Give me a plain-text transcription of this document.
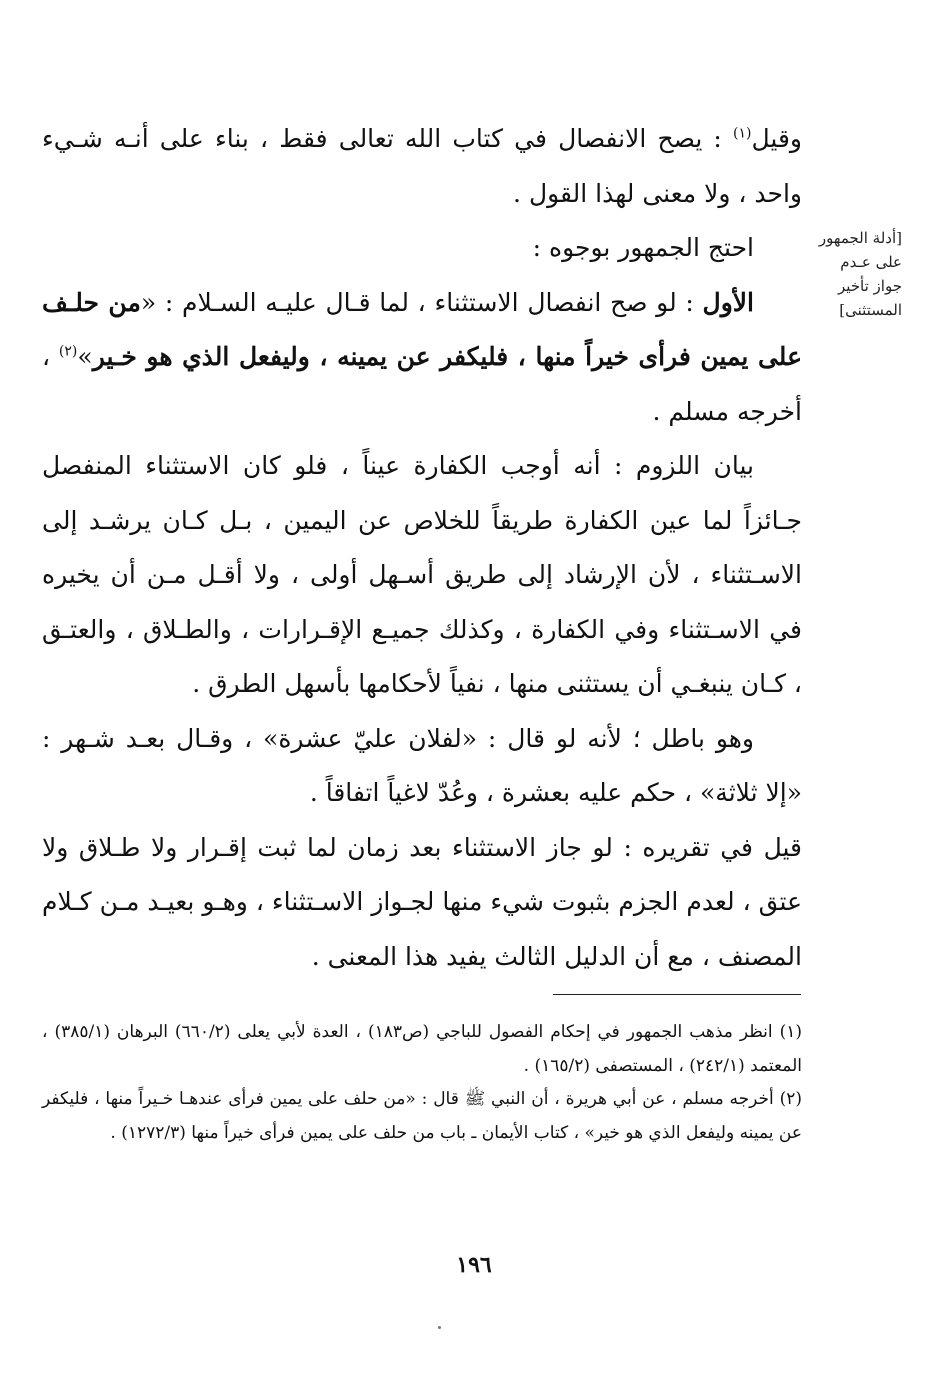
[أدلة الجمهور
على عـدم
جواز تأخير
المستثنى]

وقيل$^{(١)}$ : يصح الانفصال في كتاب الله تعالى فقط ، بناء على أنـه شـيء واحد ، ولا معنى لهذا القول .

احتج الجمهور بوجوه :

الأول : لو صح انفصال الاستثناء ، لما قـال عليـه السـلام : «من حلـف على يمين فرأى خيراً منها ، فليكفر عن يمينه ، وليفعل الذي هو خـير»$^{(٢)}$ ، أخرجه مسلم .

بيان اللزوم : أنه أوجب الكفارة عيناً ، فلو كان الاستثناء المنفصل جـائزاً لما عين الكفارة طريقاً للخلاص عن اليمين ، بـل كـان يرشـد إلى الاسـتثناء ، لأن الإرشاد إلى طريق أسـهل أولى ، ولا أقـل مـن أن يخيره في الاسـتثناء وفي الكفارة ، وكذلك جميـع الإقـرارات ، والطـلاق ، والعتـق ، كـان ينبغـي أن يستثنى منها ، نفياً لأحكامها بأسهل الطرق .

وهو باطل ؛ لأنه لو قال : «لفلان عليّ عشرة» ، وقـال بعـد شـهر : «إلا ثلاثة» ، حكم عليه بعشرة ، وعُدّ لاغياً اتفاقاً .

قيل في تقريره : لو جاز الاستثناء بعد زمان لما ثبت إقـرار ولا طـلاق ولا عتق ، لعدم الجزم بثبوت شيء منها لجـواز الاسـتثناء ، وهـو بعيـد مـن كـلام المصنف ، مع أن الدليل الثالث يفيد هذا المعنى .

(١) انظر مذهب الجمهور في إحكام الفصول للباجي (ص١٨٣) ، العدة لأبي يعلى (٦٦٠/٢) البرهان (٣٨٥/١) ، المعتمد (٢٤٢/١) ، المستصفى (١٦٥/٢) .

(٢) أخرجه مسلم ، عن أبي هريرة ، أن النبي ﷺ قال : «من حلف على يمين فرأى عندهـا خـيراً منها ، فليكفر عن يمينه وليفعل الذي هو خير» ، كتاب الأيمان ـ باب من حلف على يمين فرأى خيراً منها (١٢٧٢/٣) .

١٩٦
